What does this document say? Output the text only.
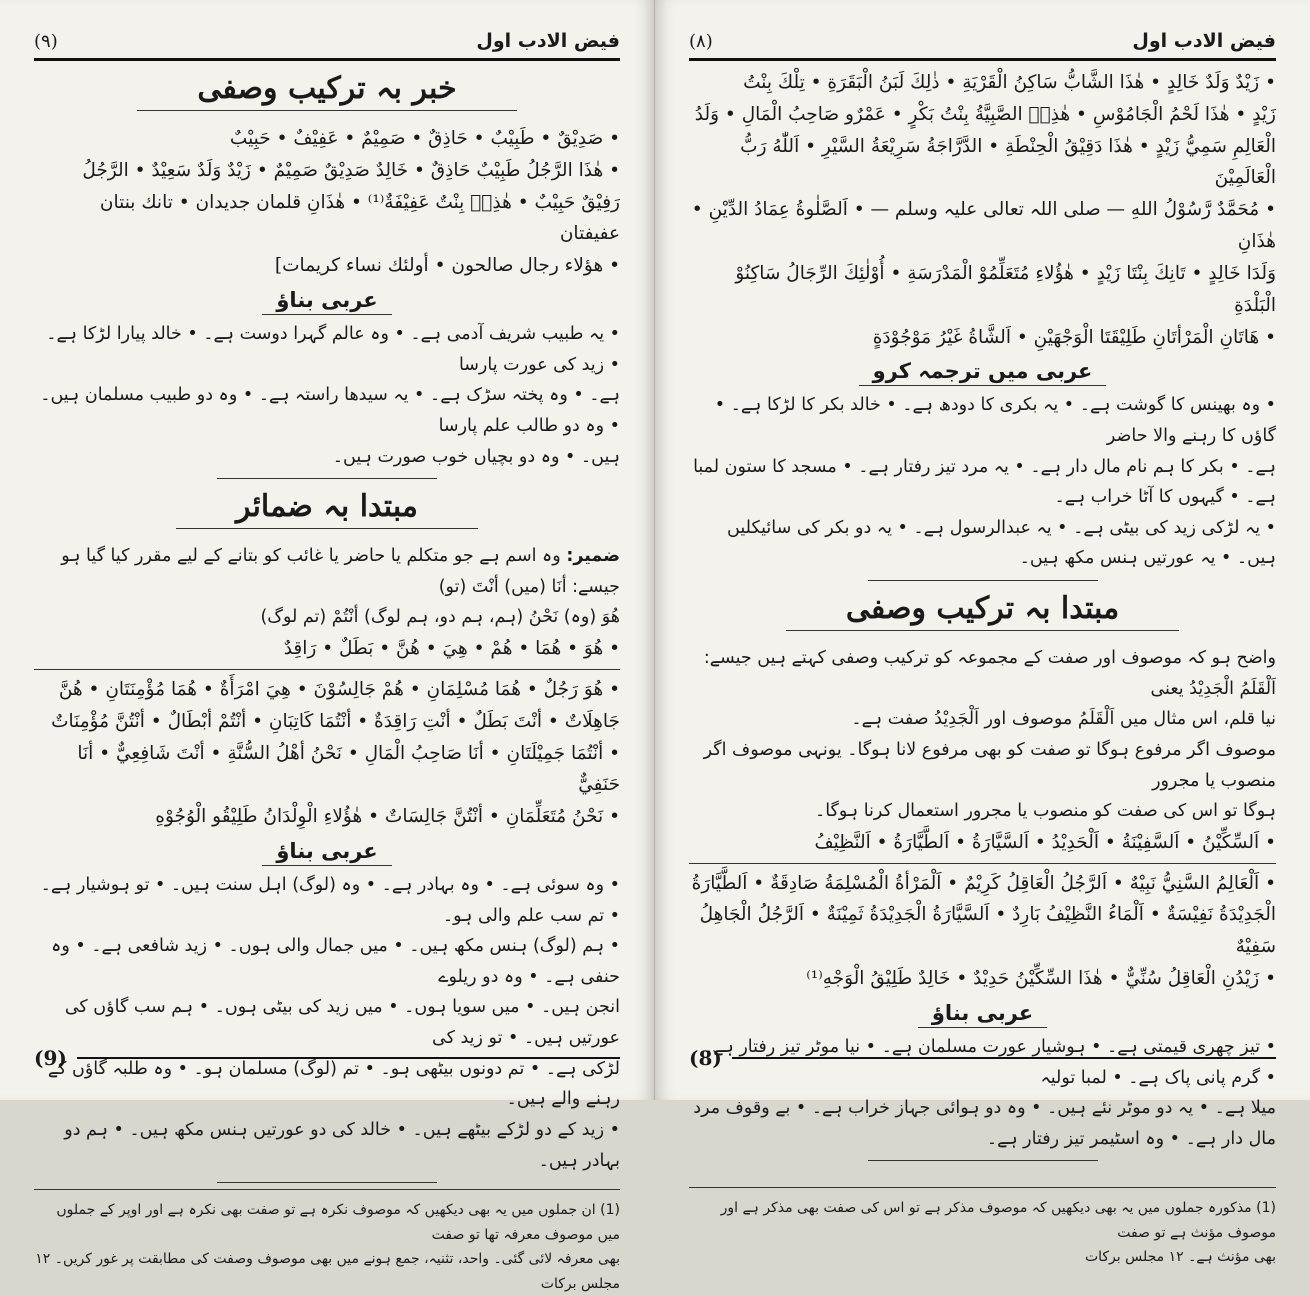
(٩)	فیض الادب اول
خبر بہ ترکیب وصفی

• صَدِيْقٌ • طَبِيْبٌ • حَاذِقٌ • صَمِيْمٌ • عَفِيْفٌ • حَبِيْبٌ

• هٰذَا الرَّجُلُ طَبِيْبٌ حَاذِقٌ • خَالِدٌ صَدِيْقٌ صَمِيْمٌ • زَيْدٌ وَلَدٌ سَعِيْدٌ • الرَّجُلُ

رَفِيْقٌ حَبِيْبٌ • هٰذِهٖ بِنْتٌ عَفِيْفَةٌ⁽¹⁾ • هٰذَانِ قلمان جديدان • تانك بنتان عفيفتان

• هؤلاء رجال صالحون • أولئك نساء كريمات]

عربی بناؤ

• یہ طبیب شریف آدمی ہے۔ • وہ عالم گہرا دوست ہے۔ • خالد پیارا لڑکا ہے۔ • زید کی عورت پارسا

ہے۔ • وہ پختہ سڑک ہے۔ • یہ سیدھا راستہ ہے۔ • وہ دو طبیب مسلمان ہیں۔ • وہ دو طالب علم پارسا

ہیں۔ • وہ دو بچیاں خوب صورت ہیں۔

مبتدا بہ ضمائر

ضمیر: وہ اسم ہے جو متکلم یا حاضر یا غائب کو بتانے کے لیے مقرر کیا گیا ہو جیسے: أنَا (میں) أنْتَ (تو)

هُوَ (وہ) نَحْنُ (ہم، ہم دو، ہم لوگ) أنْتُمْ (تم لوگ)

• هُوَ • هُمَا • هُمْ • هِيَ • هُنَّ • بَطَلٌ • رَاقِدٌ

• هُوَ رَجُلٌ • هُمَا مُسْلِمَانِ • هُمْ جَالِسُوْنَ • هِيَ امْرَأَةٌ • هُمَا مُؤْمِنَتَانِ • هُنَّ

جَاهِلَاتٌ • أنْتَ بَطَلٌ • أنْتِ رَاقِدَةٌ • أنْتُمَا كَاتِبَانِ • أنْتُمْ أبْطَالٌ • أنْتُنَّ مُؤْمِنَاتٌ

• أنْتُمَا جَمِيْلَتَانِ • أنَا صَاحِبُ الْمَالِ • نَحْنُ أهْلُ السُّنَّةِ • أنْتَ شَافِعِيٌّ • أنَا حَنَفِيٌّ

• نَحْنُ مُتَعَلِّمَانِ • أنْتُنَّ جَالِسَاتٌ • هٰؤُلاءِ الْوِلْدَانُ طَلِيْقُو الْوُجُوْهِ

عربی بناؤ

• وہ سوئی ہے۔ • وہ بہادر ہے۔ • وہ (لوگ) اہل سنت ہیں۔ • تو ہوشیار ہے۔ • تم سب علم والی ہو۔

• ہم (لوگ) ہنس مکھ ہیں۔ • میں جمال والی ہوں۔ • زید شافعی ہے۔ • وہ حنفی ہے۔ • وہ دو ریلوے

انجن ہیں۔ • میں سویا ہوں۔ • میں زید کی بیٹی ہوں۔ • ہم سب گاؤں کی عورتیں ہیں۔ • تو زید کی

لڑکی ہے۔ • تم دونوں بیٹھی ہو۔ • تم (لوگ) مسلمان ہو۔ • وہ طلبہ گاؤں کے رہنے والے ہیں۔

• زید کے دو لڑکے بیٹھے ہیں۔ • خالد کی دو عورتیں ہنس مکھ ہیں۔ • ہم دو بہادر ہیں۔

(1) ان جملوں میں یہ بھی دیکھیں کہ موصوف نکرہ ہے تو صفت بھی نکرہ ہے اور اوپر کے جملوں میں موصوف معرفہ تھا تو صفت
بھی معرفہ لائی گئی۔ واحد، تثنیہ، جمع ہونے میں بھی موصوف وصفت کی مطابقت پر غور کریں۔ ۱۲ مجلس برکات
(9)
(٨)	فیض الادب اول

• زَيْدٌ وَلَدٌ خَالِدٍ • هٰذَا الشَّابُّ سَاكِنُ الْقَرْيَةِ • ذٰلِكَ لَبَنُ الْبَقَرَةِ • تِلْكَ بِنْتُ

زَيْدٍ • هٰذَا لَحْمُ الْجَامُوْسِ • هٰذِهٖ الصَّبِيَّةُ بِنْتُ بَكْرٍ • عَمْرٌو صَاحِبُ الْمَالِ • وَلَدُ

الْعَالِمِ سَمِيُّ زَيْدٍ • هٰذَا دَقِيْقُ الْحِنْطَةِ • الدَّرَّاجَةُ سَرِيْعَةُ السَّيْرِ • اَللّٰهُ رَبُّ الْعَالَمِيْنَ

• مُحَمَّدٌ رَّسُوْلُ اللهِ — صلی اللہ تعالی علیہ وسلم — • اَلصَّلٰوةُ عِمَادُ الدِّيْنِ • هٰذَانِ

وَلَدَا خَالِدٍ • تَانِكَ بِنْتَا زَيْدٍ • هٰؤُلاءِ مُتَعَلِّمُوْ الْمَدْرَسَةِ • أُوْلٰئِكَ الرِّجَالُ سَاكِنُوْ الْبَلْدَةِ

• هَاتَانِ الْمَرْأتَانِ طَلِيْقَتَا الْوَجْهَيْنِ • اَلشَّاةُ غَيْرُ مَوْجُوْدَةٍ

عربی میں ترجمہ کرو

• وہ بھینس کا گوشت ہے۔ • یہ بکری کا دودھ ہے۔ • خالد بکر کا لڑکا ہے۔ • گاؤں کا رہنے والا حاضر

ہے۔ • بکر کا ہم نام مال دار ہے۔ • یہ مرد تیز رفتار ہے۔ • مسجد کا ستون لمبا ہے۔ • گیہوں کا آٹا خراب ہے۔

• یہ لڑکی زید کی بیٹی ہے۔ • یہ عبدالرسول ہے۔ • یہ دو بکر کی سائیکلیں ہیں۔ • یہ عورتیں ہنس مکھ ہیں۔

مبتدا بہ ترکیب وصفی

واضح ہو کہ موصوف اور صفت کے مجموعہ کو ترکیب وصفی کہتے ہیں جیسے: اَلْقَلَمُ الْجَدِيْدُ یعنی

نیا قلم، اس مثال میں اَلْقَلَمُ موصوف اور اَلْجَدِيْدُ صفت ہے۔

موصوف اگر مرفوع ہوگا تو صفت کو بھی مرفوع لانا ہوگا۔ یونہی موصوف اگر منصوب یا مجرور

ہوگا تو اس کی صفت کو منصوب یا مجرور استعمال کرنا ہوگا۔

• اَلسِّكِّيْنُ • اَلسَّفِيْنَةُ • اَلْحَدِيْدُ • اَلسَّيَّارَةُ • اَلطَّيَّارَةُ • اَلنَّظِيْفُ

• اَلْعَالِمُ السَّنِيُّ نَبِيْهٌ • اَلرَّجُلُ الْعَاقِلُ كَرِيْمٌ • اَلْمَرْأةُ الْمُسْلِمَةُ صَادِقَةٌ • اَلطَّيَّارَةُ

الْجَدِيْدَةُ نَفِيْسَةٌ • اَلْمَاءُ النَّظِيْفُ بَارِدٌ • اَلسَّيَّارَةُ الْجَدِيْدَةُ ثَمِيْنَةٌ • اَلرَّجُلُ الْجَاهِلُ سَفِيْهٌ

• زَيْدُنِ الْعَاقِلُ سُنِّيٌّ • هٰذَا السِّكِّيْنُ حَدِيْدٌ • خَالِدٌ طَلِيْقُ الْوَجْهِ⁽¹⁾

عربی بناؤ

• تیز چھری قیمتی ہے۔ • ہوشیار عورت مسلمان ہے۔ • نیا موٹر تیز رفتار ہے۔ • گرم پانی پاک ہے۔ • لمبا تولیہ

میلا ہے۔ • یہ دو موٹر نئے ہیں۔ • وہ دو ہوائی جہاز خراب ہے۔ • بے وقوف مرد مال دار ہے۔ • وہ اسٹیمر تیز رفتار ہے۔

(1) مذکورہ جملوں میں یہ بھی دیکھیں کہ موصوف مذکر ہے تو اس کی صفت بھی مذکر ہے اور موصوف مؤنث ہے تو صفت
بھی مؤنث ہے۔ ۱۲ مجلس برکات
(8)
